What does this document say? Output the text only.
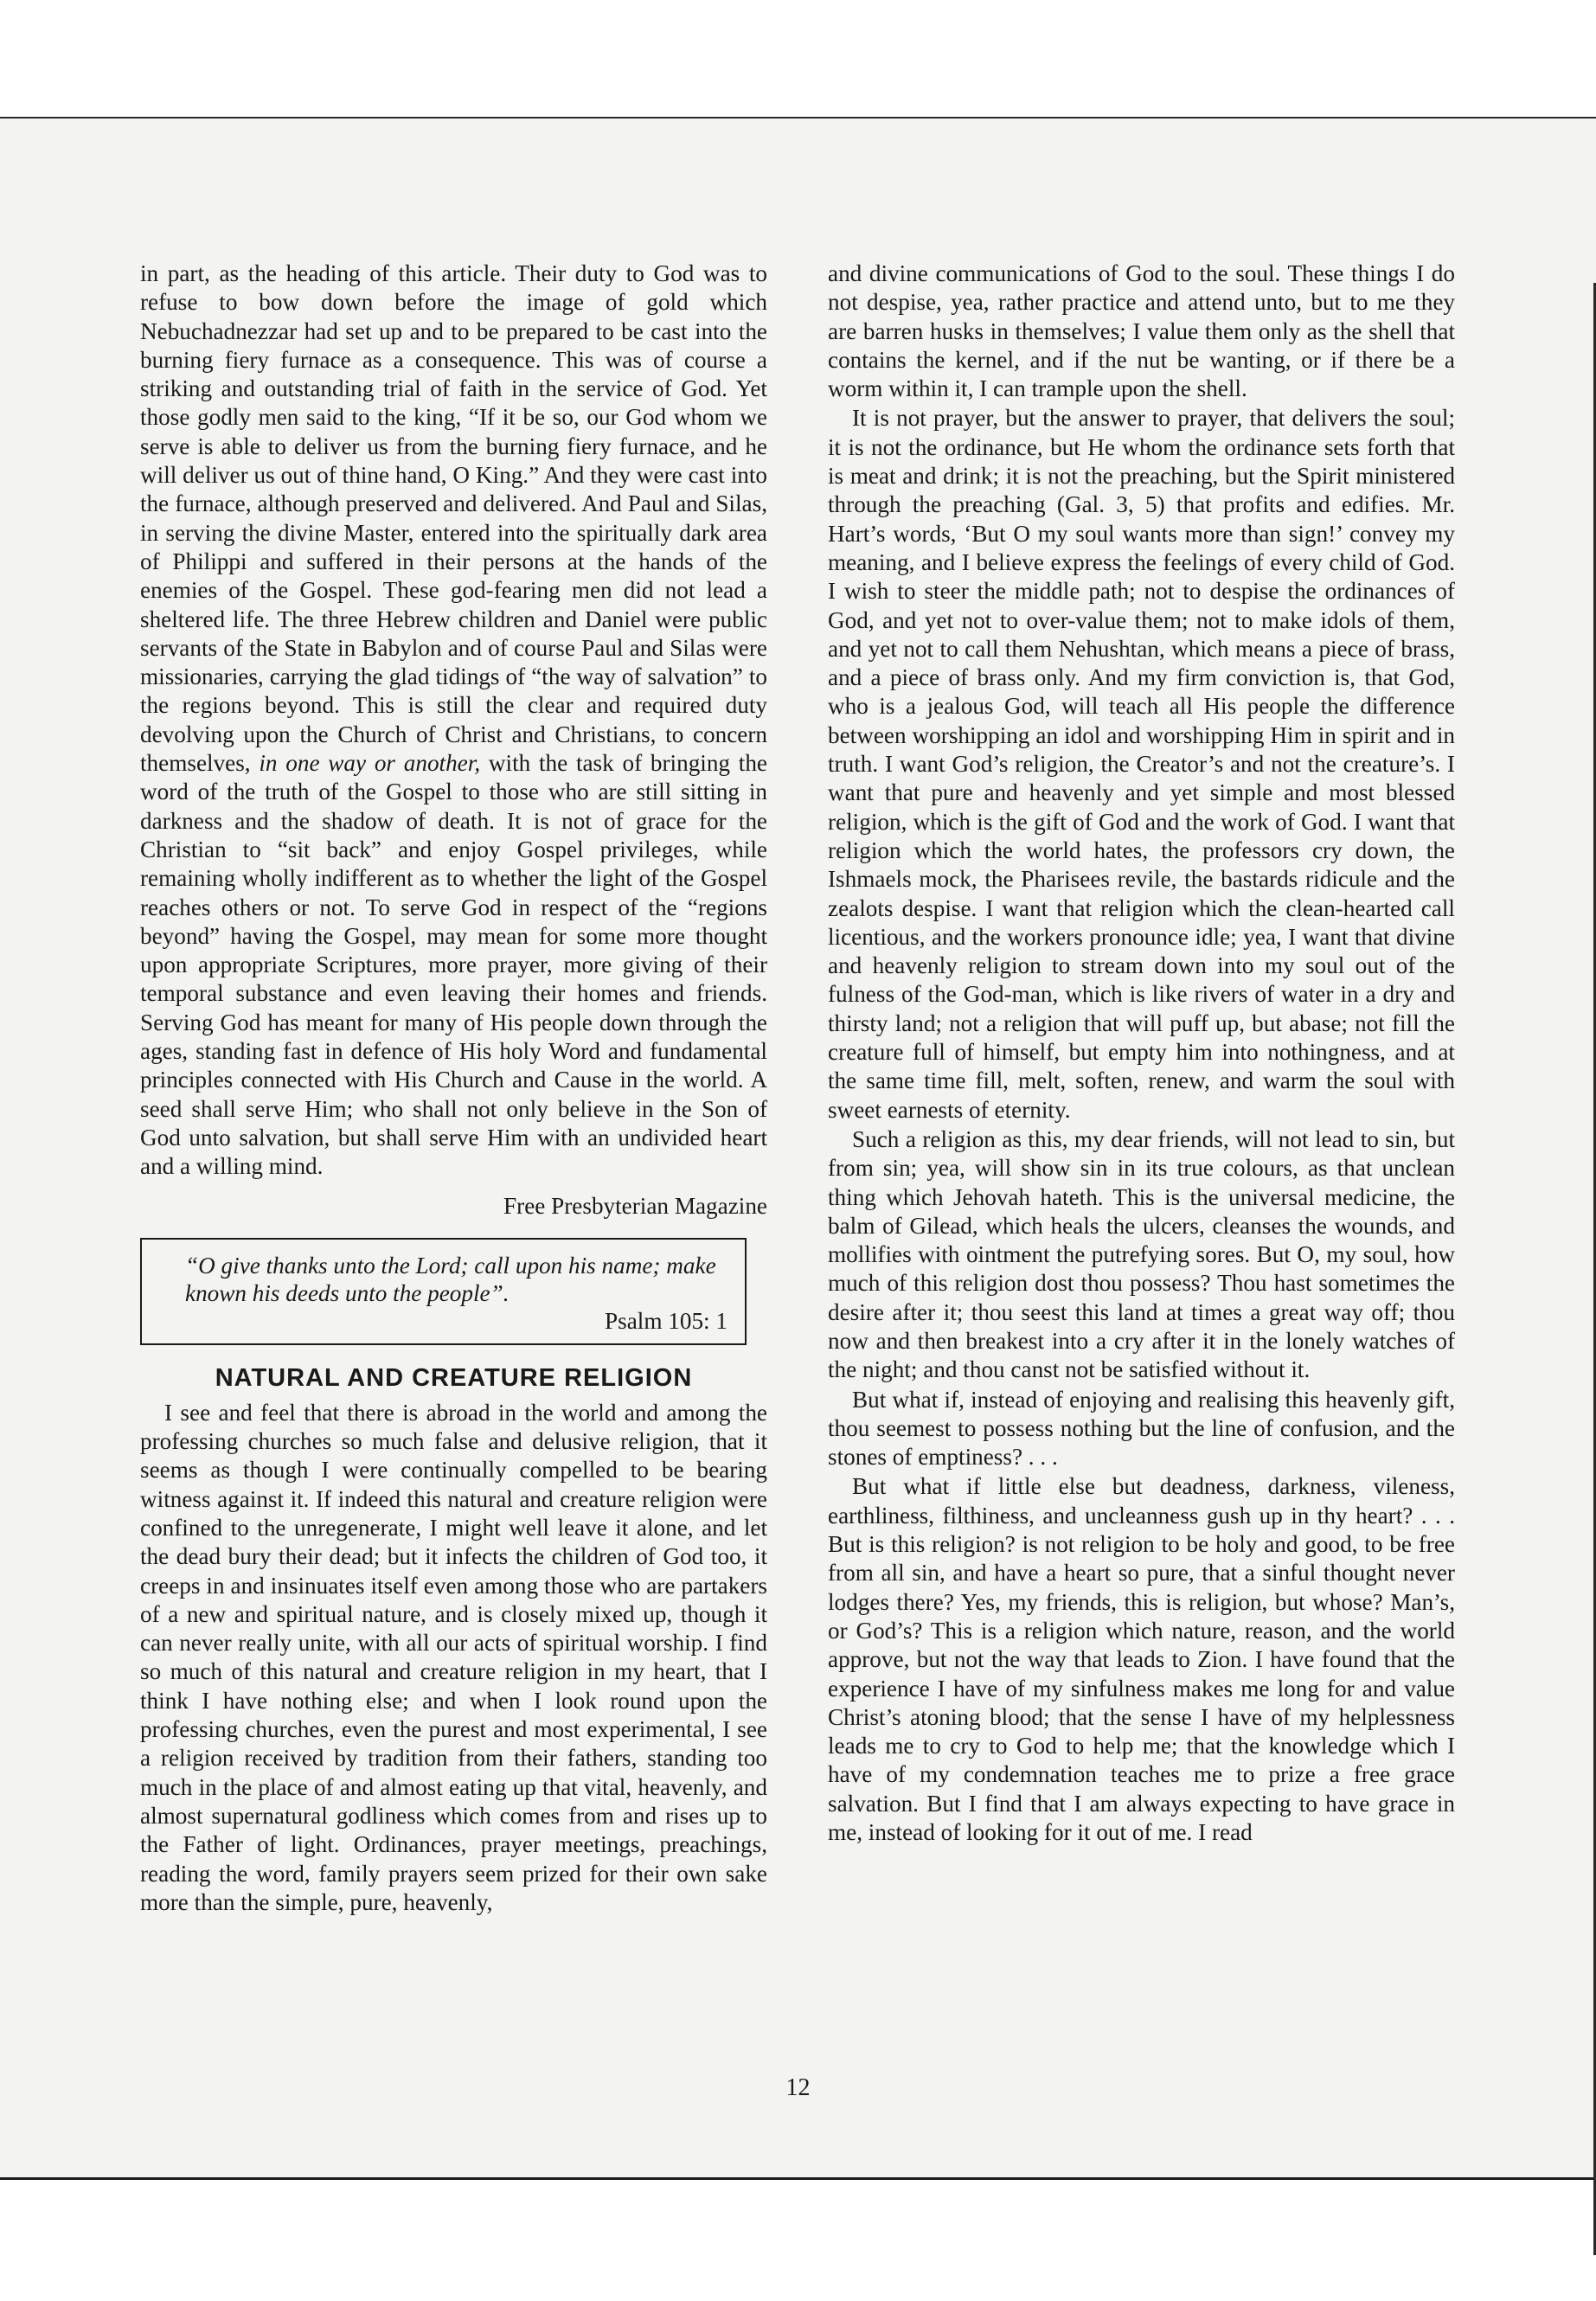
in part, as the heading of this article. Their duty to God was to refuse to bow down before the image of gold which Nebuchadnezzar had set up and to be prepared to be cast into the burning fiery furnace as a consequence. This was of course a striking and outstanding trial of faith in the service of God. Yet those godly men said to the king, “If it be so, our God whom we serve is able to deliver us from the burning fiery furnace, and he will deliver us out of thine hand, O King.” And they were cast into the furnace, although preserved and delivered. And Paul and Silas, in serving the divine Master, entered into the spiritually dark area of Philippi and suffered in their persons at the hands of the enemies of the Gospel. These god-fearing men did not lead a sheltered life. The three Hebrew children and Daniel were public servants of the State in Babylon and of course Paul and Silas were missionaries, carrying the glad tidings of “the way of salvation” to the regions beyond. This is still the clear and required duty devolving upon the Church of Christ and Christians, to concern themselves, in one way or another, with the task of bringing the word of the truth of the Gospel to those who are still sitting in darkness and the shadow of death. It is not of grace for the Christian to “sit back” and enjoy Gospel privileges, while remaining wholly indifferent as to whether the light of the Gospel reaches others or not. To serve God in respect of the “regions beyond” having the Gospel, may mean for some more thought upon appropriate Scriptures, more prayer, more giving of their temporal substance and even leaving their homes and friends. Serving God has meant for many of His people down through the ages, standing fast in defence of His holy Word and fundamental principles connected with His Church and Cause in the world. A seed shall serve Him; who shall not only believe in the Son of God unto salvation, but shall serve Him with an undivided heart and a willing mind.

Free Presbyterian Magazine

“O give thanks unto the Lord; call upon his name; make known his deeds unto the people”.
Psalm 105: 1
NATURAL AND CREATURE RELIGION

I see and feel that there is abroad in the world and among the professing churches so much false and delusive religion, that it seems as though I were continually compelled to be bearing witness against it. If indeed this natural and creature religion were confined to the unregenerate, I might well leave it alone, and let the dead bury their dead; but it infects the children of God too, it creeps in and insinuates itself even among those who are partakers of a new and spiritual nature, and is closely mixed up, though it can never really unite, with all our acts of spiritual worship. I find so much of this natural and creature religion in my heart, that I think I have nothing else; and when I look round upon the professing churches, even the purest and most experimental, I see a religion received by tradition from their fathers, standing too much in the place of and almost eating up that vital, heavenly, and almost supernatural godliness which comes from and rises up to the Father of light. Ordinances, prayer meetings, preachings, reading the word, family prayers seem prized for their own sake more than the simple, pure, heavenly,

and divine communications of God to the soul. These things I do not despise, yea, rather practice and attend unto, but to me they are barren husks in themselves; I value them only as the shell that contains the kernel, and if the nut be wanting, or if there be a worm within it, I can trample upon the shell.

It is not prayer, but the answer to prayer, that delivers the soul; it is not the ordinance, but He whom the ordinance sets forth that is meat and drink; it is not the preaching, but the Spirit ministered through the preaching (Gal. 3, 5) that profits and edifies. Mr. Hart’s words, ‘But O my soul wants more than sign!’ convey my meaning, and I believe express the feelings of every child of God. I wish to steer the middle path; not to despise the ordinances of God, and yet not to over-value them; not to make idols of them, and yet not to call them Nehushtan, which means a piece of brass, and a piece of brass only. And my firm conviction is, that God, who is a jealous God, will teach all His people the difference between worshipping an idol and worshipping Him in spirit and in truth. I want God’s religion, the Creator’s and not the creature’s. I want that pure and heavenly and yet simple and most blessed religion, which is the gift of God and the work of God. I want that religion which the world hates, the professors cry down, the Ishmaels mock, the Pharisees revile, the bastards ridicule and the zealots despise. I want that religion which the clean-hearted call licentious, and the workers pronounce idle; yea, I want that divine and heavenly religion to stream down into my soul out of the fulness of the God-man, which is like rivers of water in a dry and thirsty land; not a religion that will puff up, but abase; not fill the creature full of himself, but empty him into nothingness, and at the same time fill, melt, soften, renew, and warm the soul with sweet earnests of eternity.

Such a religion as this, my dear friends, will not lead to sin, but from sin; yea, will show sin in its true colours, as that unclean thing which Jehovah hateth. This is the universal medicine, the balm of Gilead, which heals the ulcers, cleanses the wounds, and mollifies with ointment the putrefying sores. But O, my soul, how much of this religion dost thou possess? Thou hast sometimes the desire after it; thou seest this land at times a great way off; thou now and then breakest into a cry after it in the lonely watches of the night; and thou canst not be satisfied without it.

But what if, instead of enjoying and realising this heavenly gift, thou seemest to possess nothing but the line of confusion, and the stones of emptiness? . . .

But what if little else but deadness, darkness, vileness, earthliness, filthiness, and uncleanness gush up in thy heart? . . . But is this religion? is not religion to be holy and good, to be free from all sin, and have a heart so pure, that a sinful thought never lodges there? Yes, my friends, this is religion, but whose? Man’s, or God’s? This is a religion which nature, reason, and the world approve, but not the way that leads to Zion. I have found that the experience I have of my sinfulness makes me long for and value Christ’s atoning blood; that the sense I have of my helplessness leads me to cry to God to help me; that the knowledge which I have of my condemnation teaches me to prize a free grace salvation. But I find that I am always expecting to have grace in me, instead of looking for it out of me. I read

12
